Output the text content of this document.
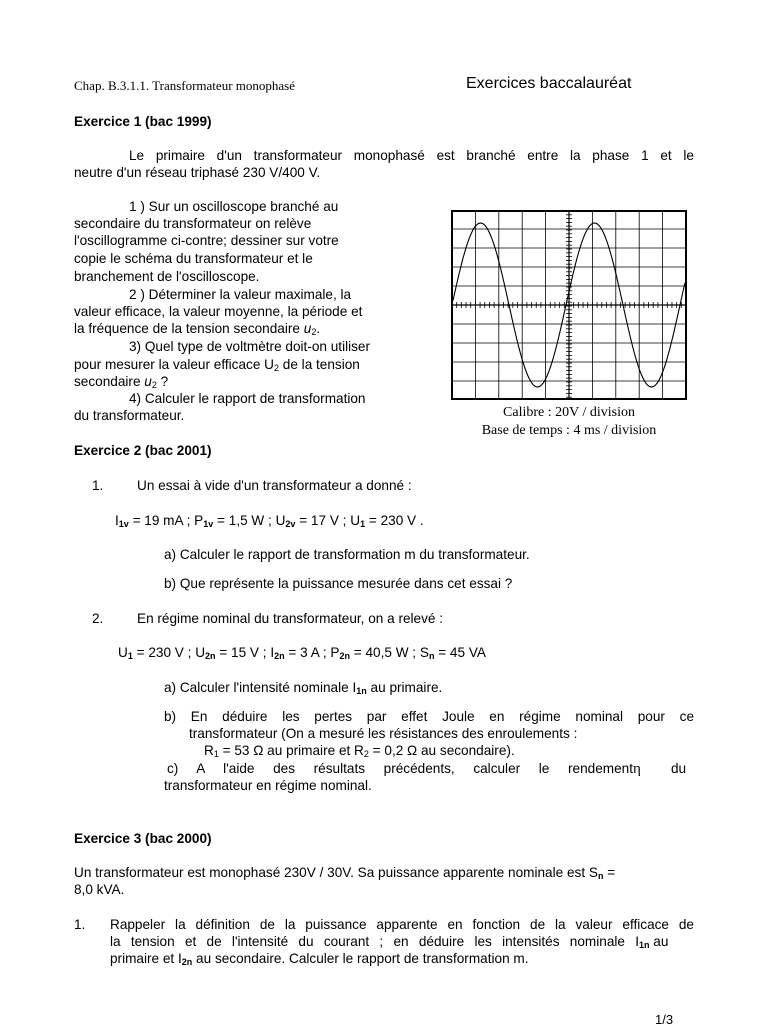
Chap. B.3.1.1. Transformateur monophasé	Exercices baccalauréat
Exercice 1 (bac 1999)
Le primaire d'un transformateur monophasé est branché entre la phase 1 et le
neutre d'un réseau triphasé 230 V/400 V.
1 ) Sur un oscilloscope branché au
secondaire du transformateur on relève
l'oscillogramme ci-contre; dessiner sur votre
copie le schéma du transformateur et le
branchement de l'oscilloscope.
2 ) Déterminer la valeur maximale, la
valeur efficace, la valeur moyenne, la période et
la fréquence de la tension secondaire $u_2$.
3) Quel type de voltmètre doit-on utiliser
pour mesurer la valeur efficace $U_2$ de la tension
secondaire $u_2$ ?
4) Calculer le rapport de transformation
du transformateur.	Calibre : 20V / division
Base de temps : 4 ms / division
Exercice 2 (bac 2001)
1. Un essai à vide d'un transformateur a donné :
$I_{1v} = 19$ mA ; $P_{1v} = 1,5$ W ; $U_{2v} = 17$ V ; $U_1 = 230$ V .
a) Calculer le rapport de transformation m du transformateur.
b) Que représente la puissance mesurée dans cet essai ?
2. En régime nominal du transformateur, on a relevé :
$U_1 = 230$ V ; $U_{2n} = 15$ V ; $I_{2n} = 3$ A ; $P_{2n} = 40,5$ W ; $S_n = 45$ VA
a) Calculer l'intensité nominale $I_{1n}$ au primaire.
b) En déduire les pertes par effet Joule en régime nominal pour ce
transformateur (On a mesuré les résistances des enroulements :
$R_1 = 53$ Ω au primaire et $R_2 = 0,2$ Ω au secondaire).
c) A l'aide des résultats précédents, calculer le rendementη du
transformateur en régime nominal.
Exercice 3 (bac 2000)
Un transformateur est monophasé 230V / 30V. Sa puissance apparente nominale est $S_n$ =
8,0 kVA.
1. Rappeler la définition de la puissance apparente en fonction de la valeur efficace de
la tension et de l'intensité du courant ; en déduire les intensités nominale $I_{1n}$ au
primaire et $I_{2n}$ au secondaire. Calculer le rapport de transformation m.
1/3
